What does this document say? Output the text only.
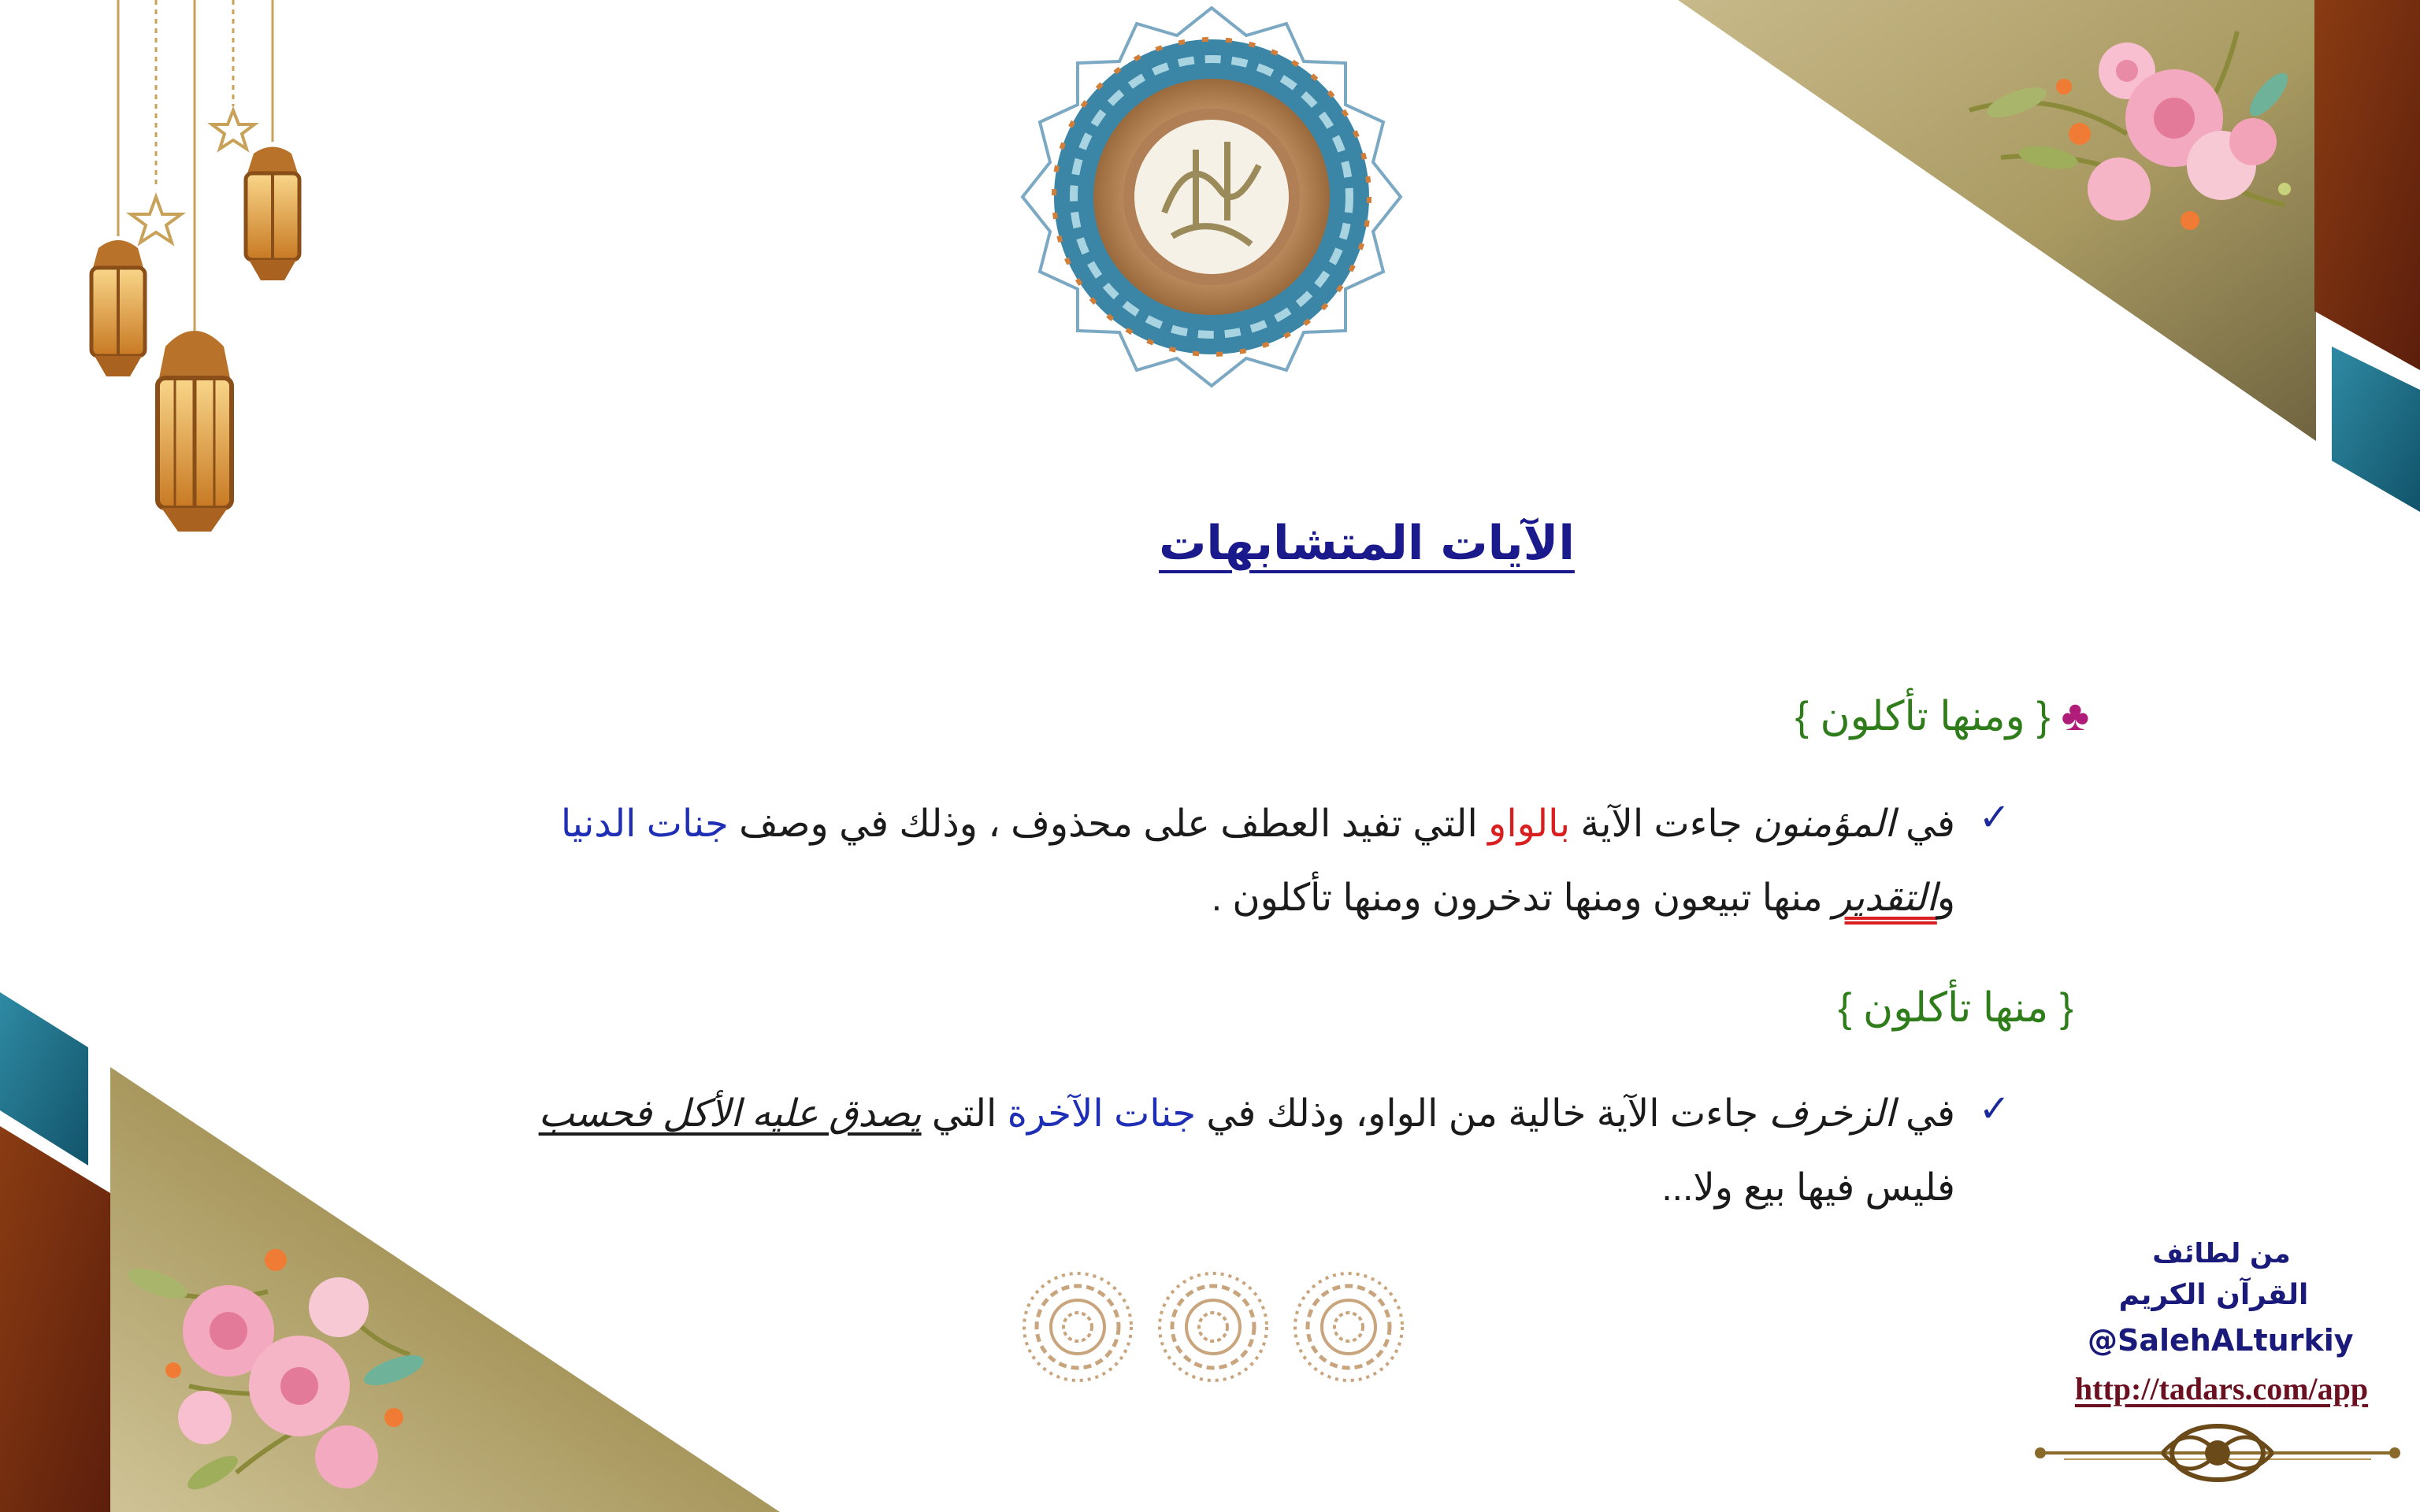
الآيات المتشابهات
♣{ ومنها تأكلون }
✓
في المؤمنون جاءت الآية بالواو التي تفيد العطف على محذوف ، وذلك في وصف جنات الدنيا
والتقدير منها تبيعون ومنها تدخرون ومنها تأكلون .
{ منها تأكلون }
✓
في الزخرف جاءت الآية خالية من الواو، وذلك في جنات الآخرة التي يصدق عليه الأكل فحسب
فليس فيها بيع ولا...
من لطائف
القرآن الكريم
@SalehALturkiy
http://tadars.com/app
